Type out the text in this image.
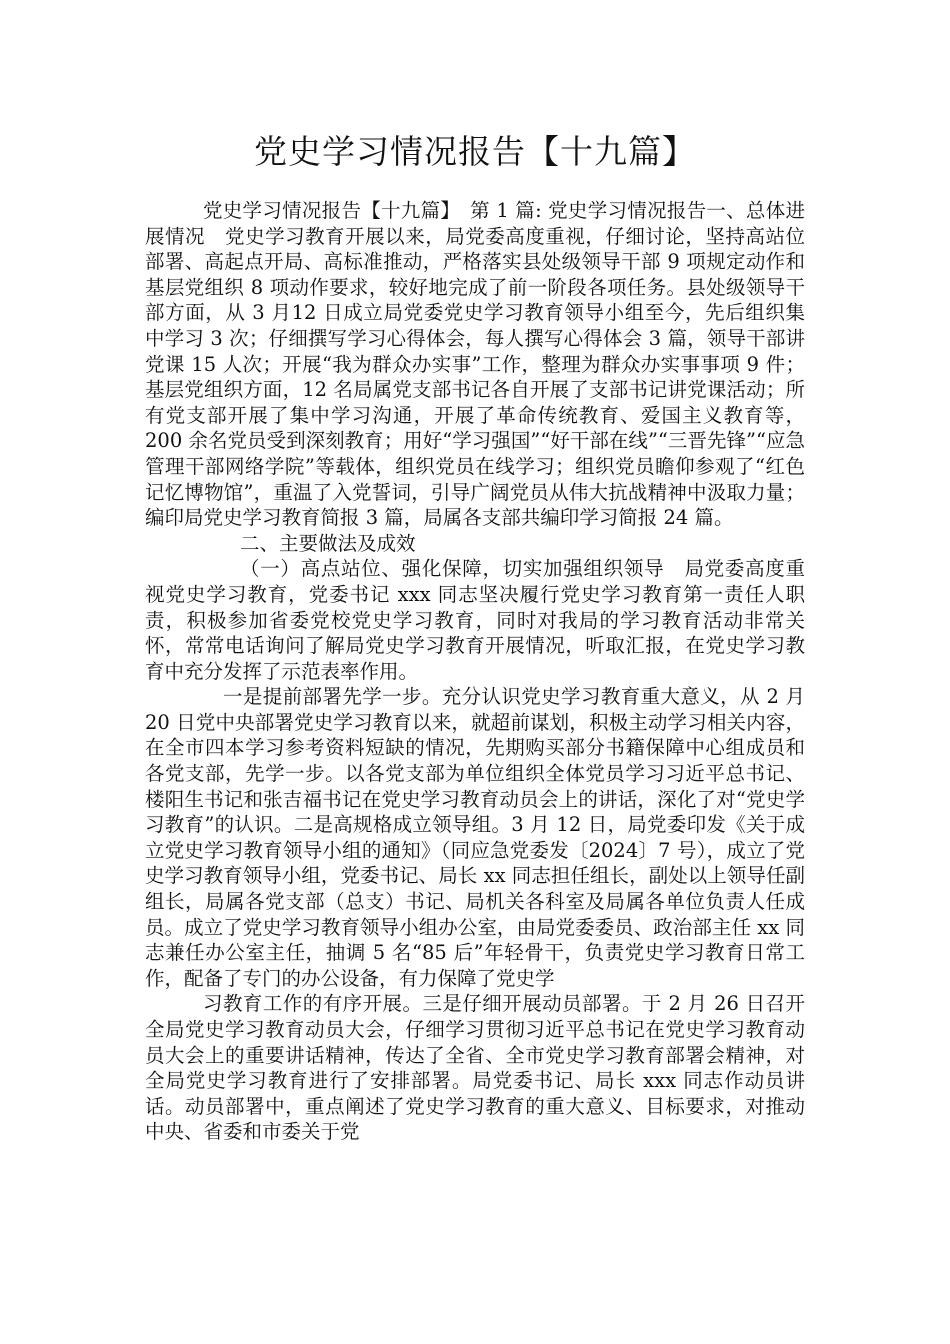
党史学习情况报告【十九篇】

党史学习情况报告【十九篇】　第 1 篇: 党史学习情况报告一、总体进展情况　党史学习教育开展以来，局党委高度重视，仔细讨论，坚持高站位部署、高起点开局、高标准推动，严格落实县处级领导干部 9 项规定动作和基层党组织 8 项动作要求，较好地完成了前一阶段各项任务。县处级领导干部方面，从 3 月12 日成立局党委党史学习教育领导小组至今，先后组织集中学习 3 次；仔细撰写学习心得体会，每人撰写心得体会 3 篇，领导干部讲党课 15 人次；开展“我为群众办实事”工作，整理为群众办实事事项 9 件；基层党组织方面，12 名局属党支部书记各自开展了支部书记讲党课活动；所有党支部开展了集中学习沟通，开展了革命传统教育、爱国主义教育等，200 余名党员受到深刻教育；用好“学习强国”“好干部在线”“三晋先锋”“应急管理干部网络学院”等载体，组织党员在线学习；组织党员瞻仰参观了“红色记忆博物馆”，重温了入党誓词，引导广阔党员从伟大抗战精神中汲取力量；编印局党史学习教育简报 3 篇，局属各支部共编印学习简报 24 篇。

二、主要做法及成效

（一）高点站位、强化保障，切实加强组织领导　局党委高度重视党史学习教育，党委书记 xxx 同志坚决履行党史学习教育第一责任人职责，积极参加省委党校党史学习教育，同时对我局的学习教育活动非常关怀，常常电话询问了解局党史学习教育开展情况，听取汇报，在党史学习教育中充分发挥了示范表率作用。

一是提前部署先学一步。充分认识党史学习教育重大意义，从 2 月 20 日党中央部署党史学习教育以来，就超前谋划，积极主动学习相关内容，在全市四本学习参考资料短缺的情况，先期购买部分书籍保障中心组成员和各党支部，先学一步。以各党支部为单位组织全体党员学习习近平总书记、楼阳生书记和张吉福书记在党史学习教育动员会上的讲话，深化了对“党史学习教育”的认识。二是高规格成立领导组。3 月 12 日，局党委印发《关于成立党史学习教育领导小组的通知》（同应急党委发〔2024〕7 号），成立了党史学习教育领导小组，党委书记、局长 xx 同志担任组长，副处以上领导任副组长，局属各党支部（总支）书记、局机关各科室及局属各单位负责人任成员。成立了党史学习教育领导小组办公室，由局党委委员、政治部主任 xx 同志兼任办公室主任，抽调 5 名“85 后”年轻骨干，负责党史学习教育日常工作，配备了专门的办公设备，有力保障了党史学

习教育工作的有序开展。三是仔细开展动员部署。于 2 月 26 日召开全局党史学习教育动员大会，仔细学习贯彻习近平总书记在党史学习教育动员大会上的重要讲话精神，传达了全省、全市党史学习教育部署会精神，对全局党史学习教育进行了安排部署。局党委书记、局长 xxx 同志作动员讲话。动员部署中，重点阐述了党史学习教育的重大意义、目标要求，对推动中央、省委和市委关于党
